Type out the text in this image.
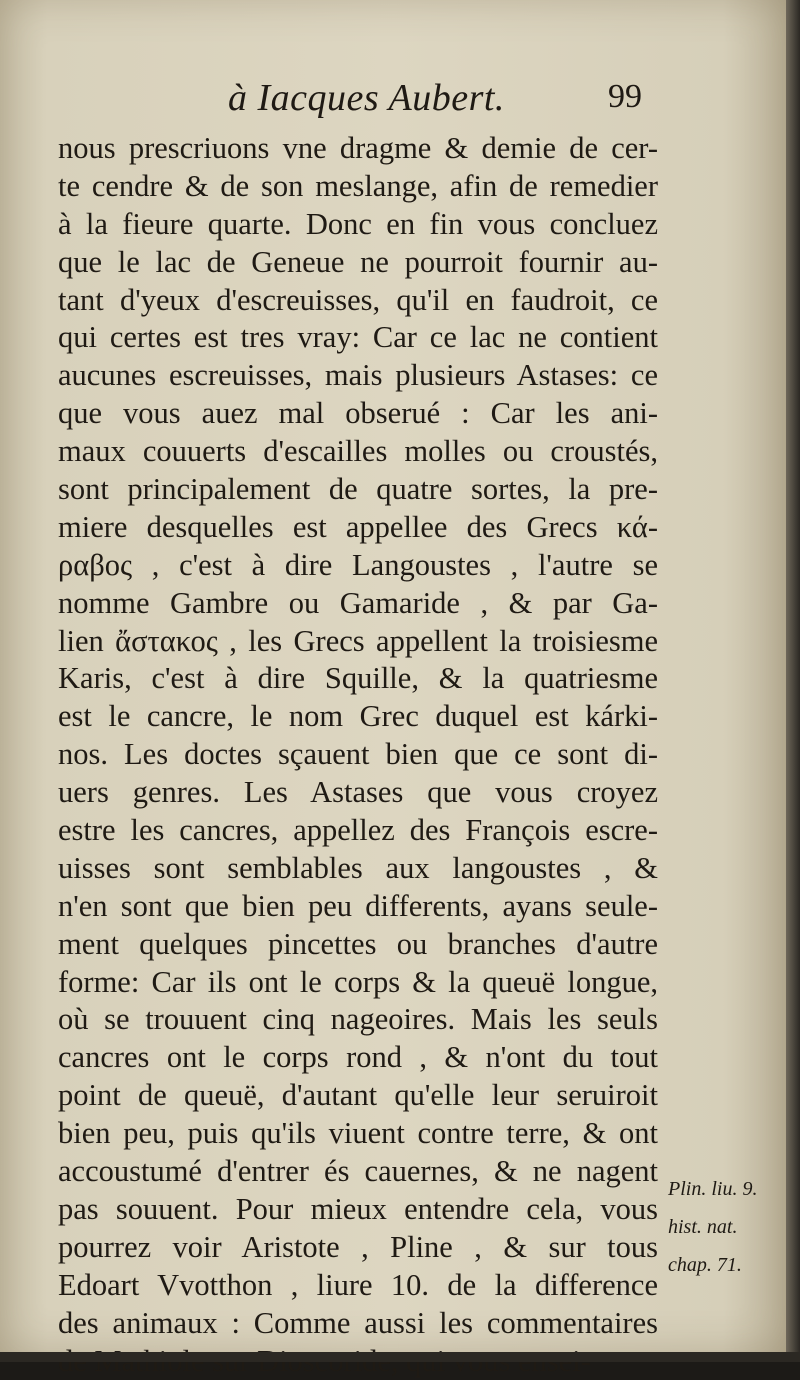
à Iacques Aubert.	99
nous prescriuons vne dragme & demie de cer-
te cendre & de son meslange, afin de remedier
à la fieure quarte. Donc en fin vous concluez
que le lac de Geneue ne pourroit fournir au-
tant d'yeux d'escreuisses, qu'il en faudroit, ce
qui certes est tres vray: Car ce lac ne contient
aucunes escreuisses, mais plusieurs Astases: ce
que vous auez mal obserué : Car les ani-
maux couuerts d'escailles molles ou croustés,
sont principalement de quatre sortes, la pre-
miere desquelles est appellee des Grecs κά-
ραβος , c'est à dire Langoustes , l'autre se
nomme Gambre ou Gamaride , & par Ga-
lien ἄστακος , les Grecs appellent la troisiesme
Karis, c'est à dire Squille, & la quatriesme
est le cancre, le nom Grec duquel est kárki-
nos. Les doctes sçauent bien que ce sont di-
uers genres. Les Astases que vous croyez
estre les cancres, appellez des François escre-
uisses sont semblables aux langoustes , &
n'en sont que bien peu differents, ayans seule-
ment quelques pincettes ou branches d'autre
forme: Car ils ont le corps & la queuë longue,
où se trouuent cinq nageoires. Mais les seuls
cancres ont le corps rond , & n'ont du tout
point de queuë, d'autant qu'elle leur seruiroit
bien peu, puis qu'ils viuent contre terre, & ont
accoustumé d'entrer és cauernes, & ne nagent
pas souuent. Pour mieux entendre cela, vous
pourrez voir Aristote , Pline , & sur tous
Edoart Vvotthon , liure 10. de la difference
des animaux : Comme aussi les commentaires
Plin. liu. 9.
hist. nat.
chap. 71.
